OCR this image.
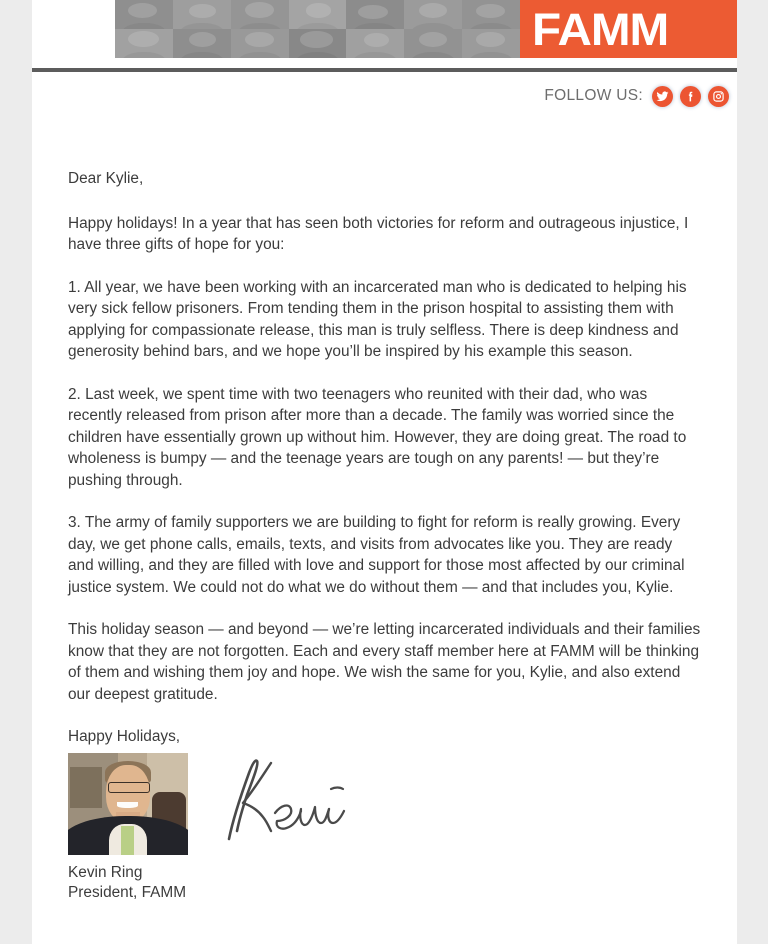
FAMM
FOLLOW US:

Dear Kylie,

Happy holidays! In a year that has seen both victories for reform and outrageous injustice, I have three gifts of hope for you:

1. All year, we have been working with an incarcerated man who is dedicated to helping his very sick fellow prisoners. From tending them in the prison hospital to assisting them with applying for compassionate release, this man is truly selfless. There is deep kindness and generosity behind bars, and we hope you’ll be inspired by his example this season.

2. Last week, we spent time with two teenagers who reunited with their dad, who was recently released from prison after more than a decade. The family was worried since the children have essentially grown up without him. However, they are doing great. The road to wholeness is bumpy — and the teenage years are tough on any parents! — but they’re pushing through.

3. The army of family supporters we are building to fight for reform is really growing. Every day, we get phone calls, emails, texts, and visits from advocates like you. They are ready and willing, and they are filled with love and support for those most affected by our criminal justice system. We could not do what we do without them — and that includes you, Kylie.

This holiday season — and beyond — we’re letting incarcerated individuals and their families know that they are not forgotten. Each and every staff member here at FAMM will be thinking of them and wishing them joy and hope. We wish the same for you, Kylie, and also extend our deepest gratitude.

Happy Holidays,

Kevin Ring
President, FAMM
